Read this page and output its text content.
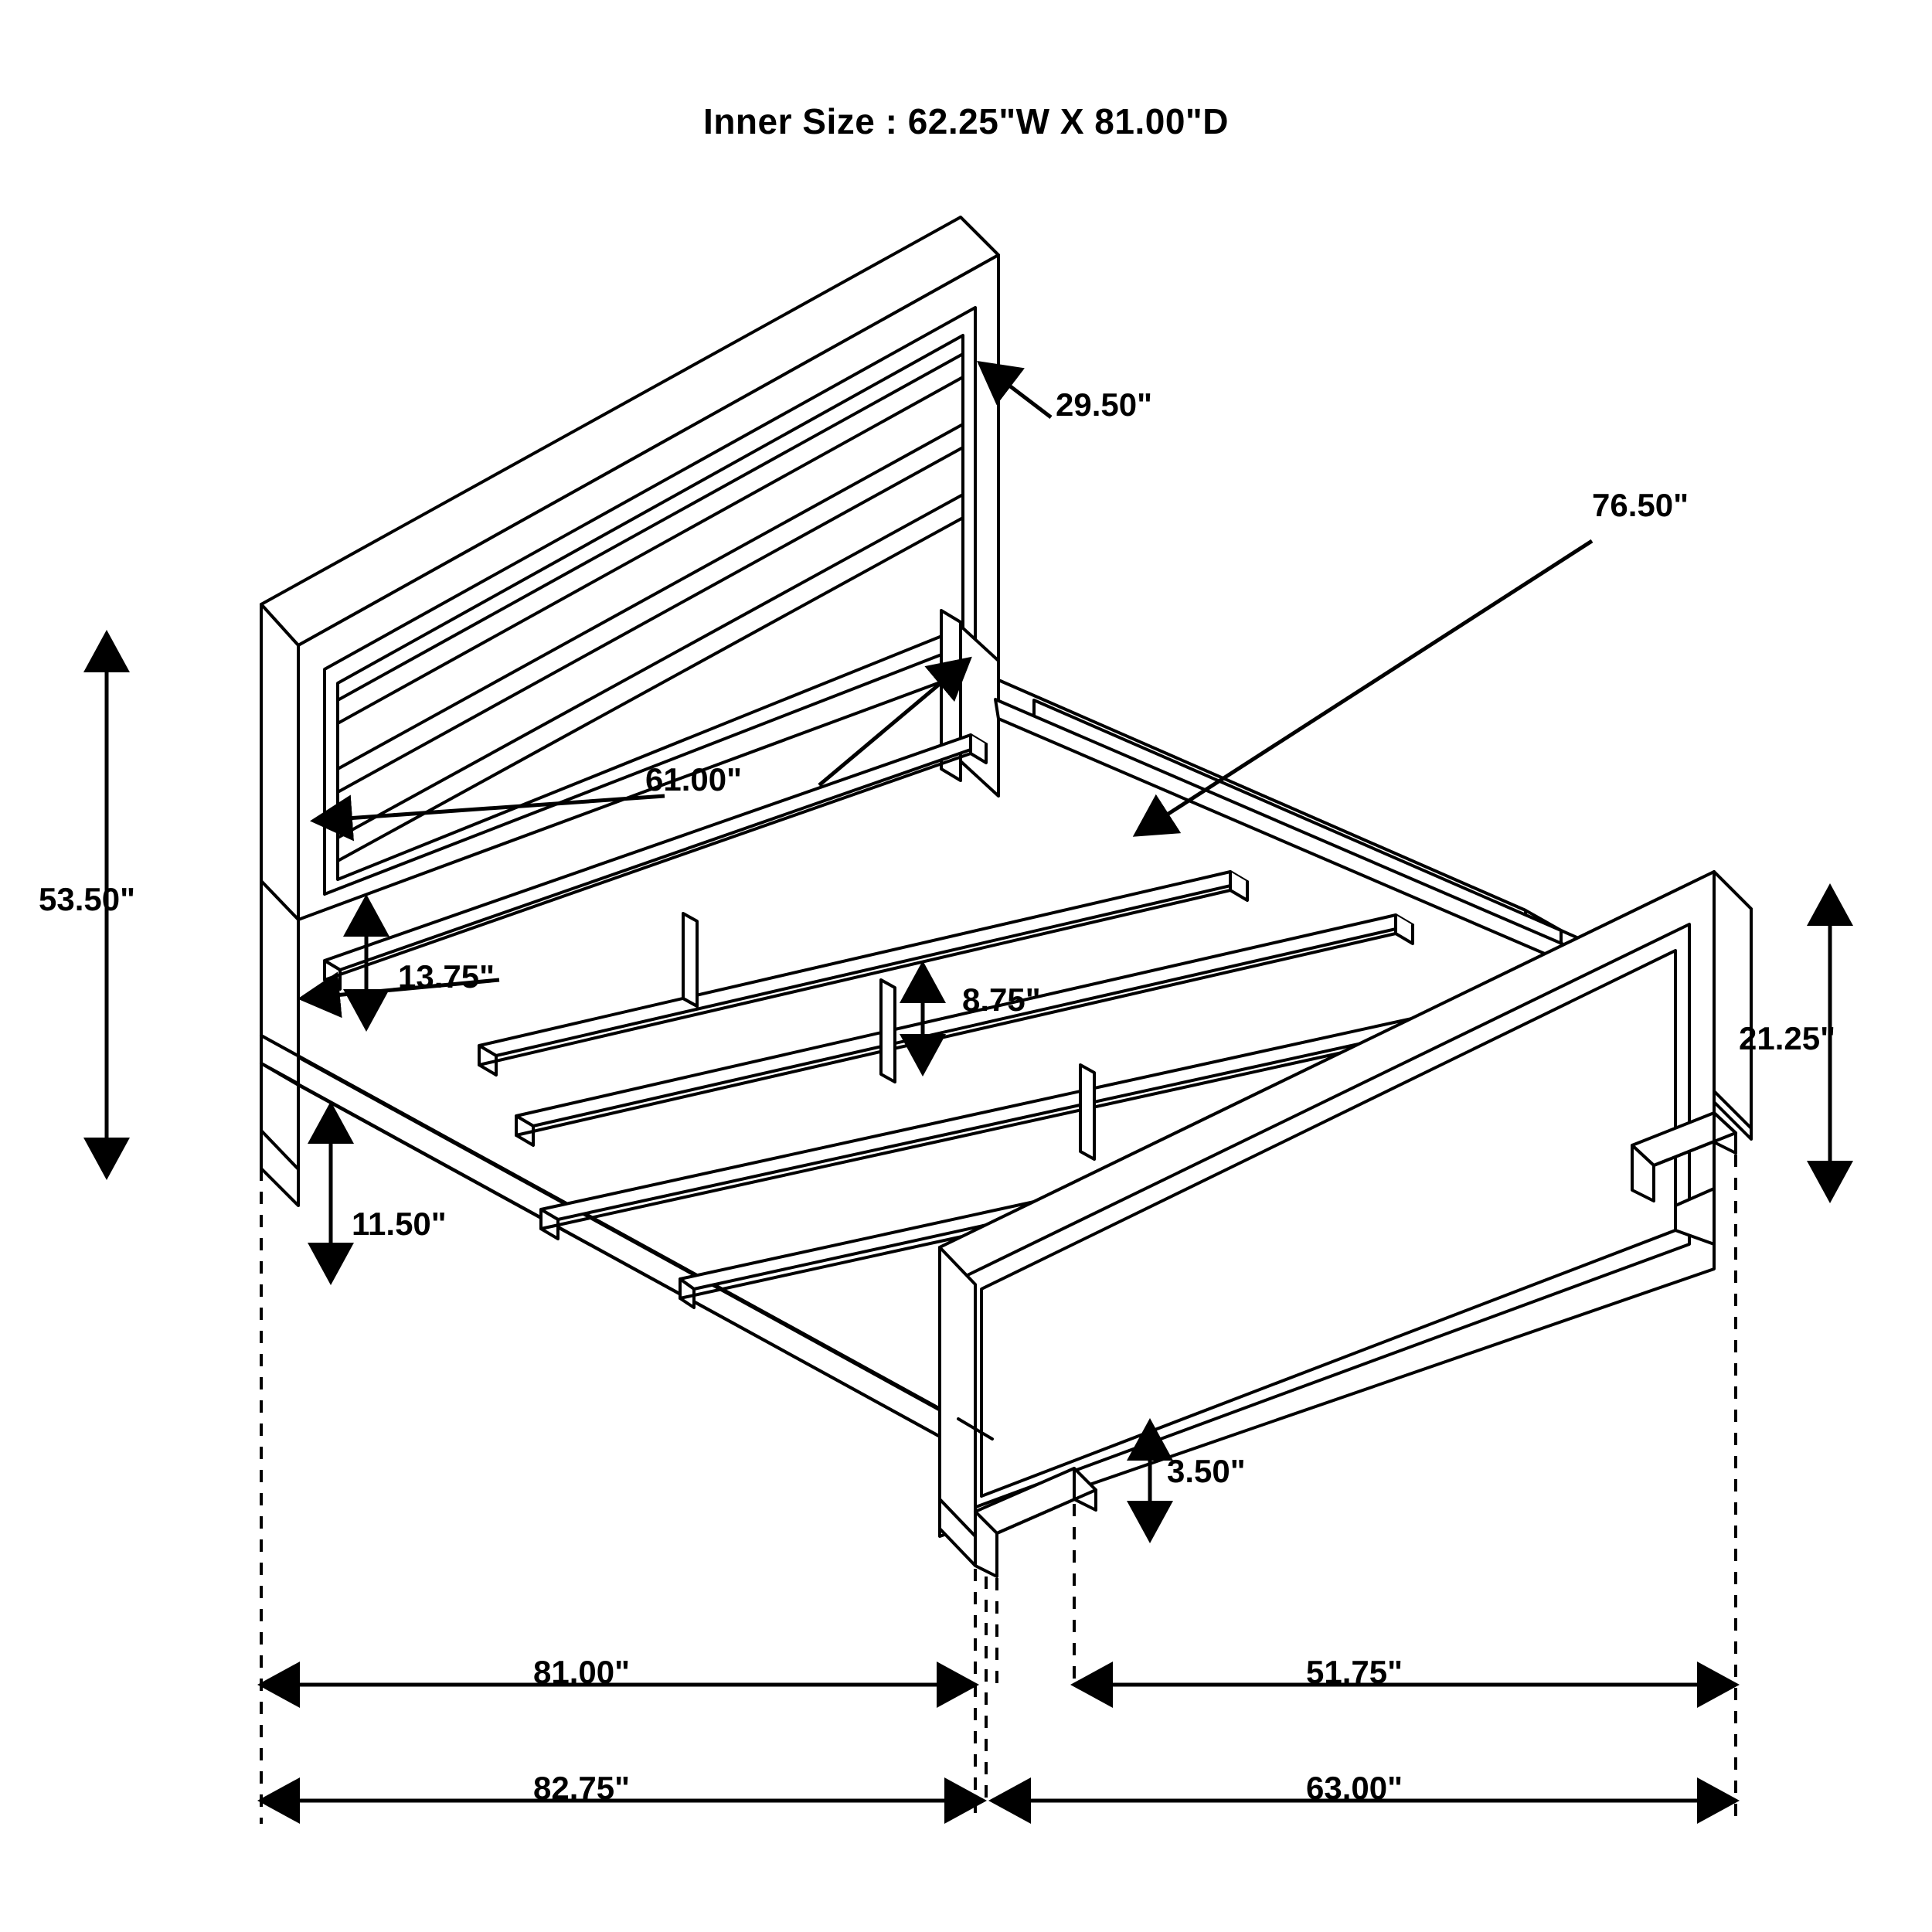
Inner Size : 62.25"W X 81.00"D
29.50"
53.50"
76.50"
61.00"
13.75"
8.75"
11.50"
21.25"
3.50"
81.00"	51.75"
82.75"	63.00"
